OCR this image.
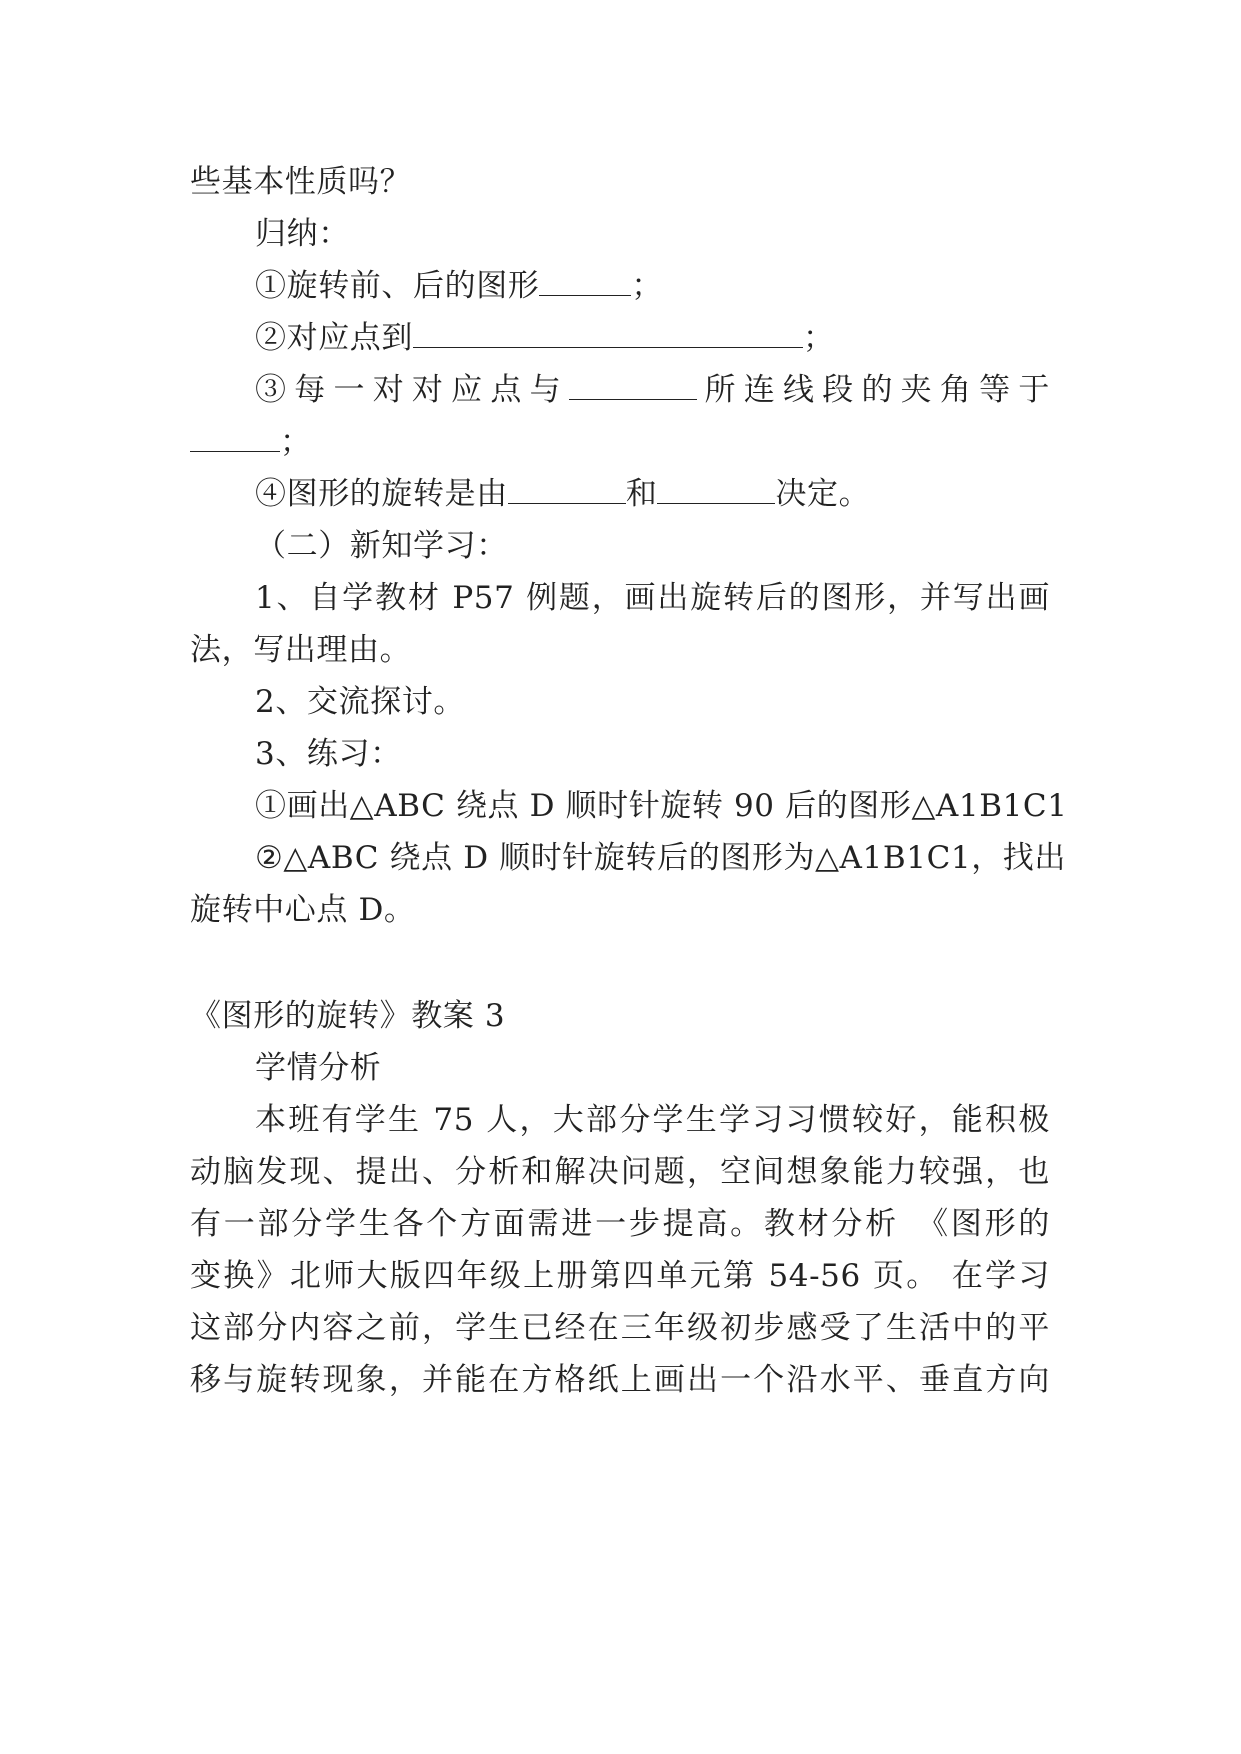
些基本性质吗？
归纳：
①旋转前、后的图形	；
②对应点到	；
③每一对对应点与	所连线段的夹角等于
；
④图形的旋转是由	和	决定。
（二）新知学习：
1、自学教材 P57 例题，画出旋转后的图形，并写出画
法，写出理由。
2、交流探讨。
3、练习：
①画出△ABC 绕点 D 顺时针旋转 90 后的图形△A1B1C1
②△ABC 绕点 D 顺时针旋转后的图形为△A1B1C1，找出
旋转中心点 D。
《图形的旋转》教案 3
学情分析
本班有学生 75 人，大部分学生学习习惯较好，能积极
动脑发现、提出、分析和解决问题，空间想象能力较强，也
有一部分学生各个方面需进一步提高。教材分析　《图形的
变换》北师大版四年级上册第四单元第 54-56 页。 在学习
这部分内容之前，学生已经在三年级初步感受了生活中的平
移与旋转现象，并能在方格纸上画出一个沿水平、垂直方向
